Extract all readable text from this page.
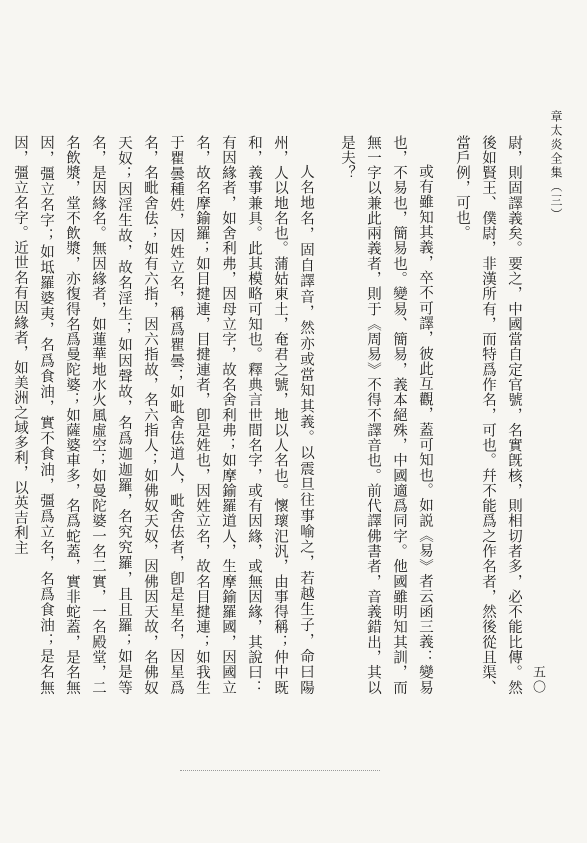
章太炎全集（三）

尉，則固譯義矣。要之，中國當自定官號，名實旣核，則相切者多，必不能比傳。然後如賢王、僕尉，非漢所有，而特爲作名，可也。幷不能爲之作名者，然後從且渠、當戶例，可也。

或有雖知其義，卒不可譯，彼此互觀，蓋可知也。如説《易》者云函三義：變易也，不易也，簡易也。變易、簡易，義本絕殊，中國適爲同字。他國雖明知其訓，而無一字以兼此兩義者，則于《周易》不得不譯音也。前代譯佛書者，音義錯出，其以是夫？

人名地名，固自譯音，然亦或當知其義。以震旦往事喻之，若越生子，命曰陽州，人以地名也。蒲姑東土，奄君之號，地以人名也。懷瓌汜汎，由事得稱；仲中既和，義事兼具。此其模略可知也。釋典言世間名字，或有因緣，或無因緣，其說曰：有因緣者，如舍利弗，因母立字，故名舍利弗；如摩鍮羅道人，生摩鍮羅國，因國立名，故名摩鍮羅；如目揵連，目揵連者，卽是姓也，因姓立名，故名目揵連；如我生于瞿曇種姓，因姓立名，稱爲瞿曇；如毗舍佉道人，毗舍佉者，卽是星名，因星爲名，名毗舍佉；如有六指，因六指故，名六指人；如佛奴天奴，因佛因天故，名佛奴天奴；因淫生故，故名淫生；如因聲故，名爲迦迦羅，名究究羅，且且羅；如是等名，是因緣名。無因緣者，如蓮華地水火風虛空；如曼陀婆一名二實，一名殿堂，二名飲漿，堂不飲漿，亦復得名爲曼陀婆；如薩婆車多，名爲蛇蓋，實非蛇蓋，是名無因，彊立名字；如坻羅婆夷，名爲食油，實不食油，彊爲立名，名爲食油；是名無因，彊立名字。近世名有因緣者，如美洲之域多利，以英吉利主

五〇
